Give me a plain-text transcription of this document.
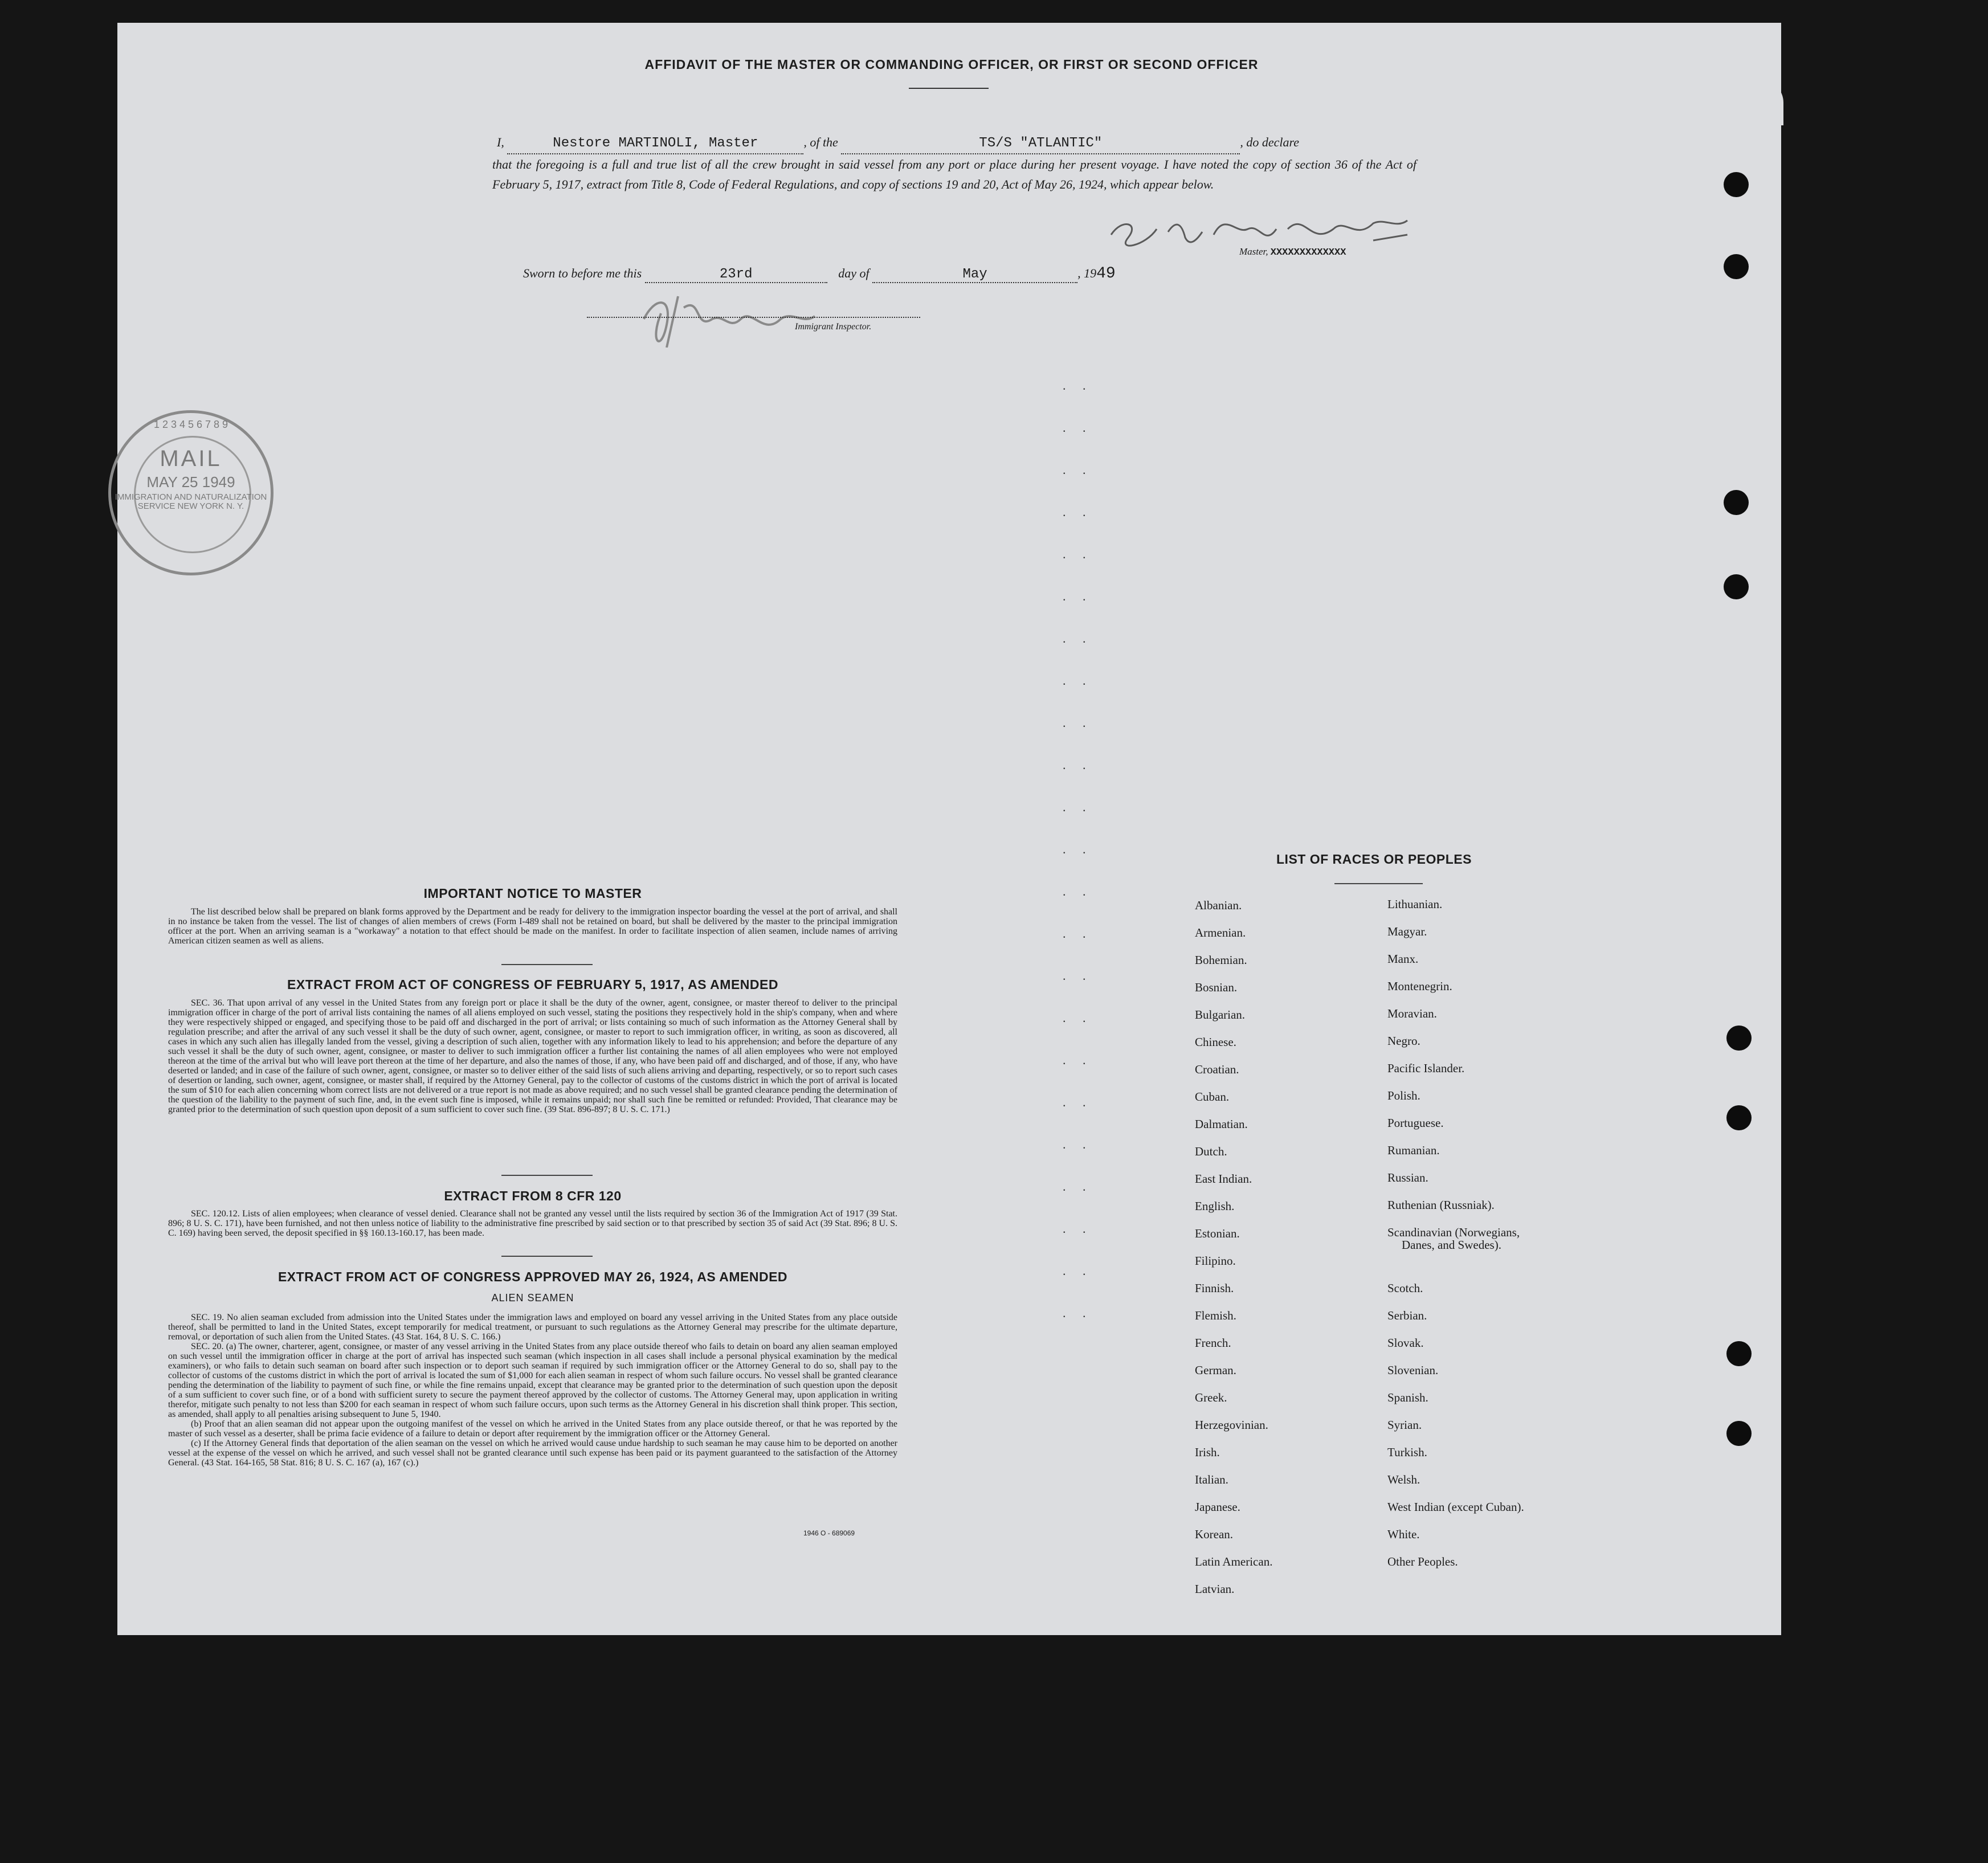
AFFIDAVIT OF THE MASTER OR COMMANDING OFFICER, OR FIRST OR SECOND OFFICER
I,	Nestore MARTINOLI, Master	, of the	TS/S "ATLANTIC"	, do declare
that the foregoing is a full and true list of all the crew brought in said vessel from any port or place during her present voyage. I have noted the copy of section 36 of the Act of February 5, 1917, extract from Title 8, Code of Federal Regulations, and copy of sections 19 and 20, Act of May 26, 1924, which appear below.
Master, XXXXXXXXXXXXX
Sworn to before me this	23rd	day of	May	, 1949
Immigrant Inspector.
MAIL
MAY 25 1949
IMMIGRATION AND NATURALIZATION SERVICE NEW YORK N. Y.
1 2 3 4 5 6 7 8 9
IMPORTANT NOTICE TO MASTER
The list described below shall be prepared on blank forms approved by the Department and be ready for delivery to the immigration inspector boarding the vessel at the port of arrival, and shall in no instance be taken from the vessel. The list of changes of alien members of crews (Form I-489 shall not be retained on board, but shall be delivered by the master to the principal immigration officer at the port. When an arriving seaman is a "workaway" a notation to that effect should be made on the manifest. In order to facilitate inspection of alien seamen, include names of arriving American citizen seamen as well as aliens.
EXTRACT FROM ACT OF CONGRESS OF FEBRUARY 5, 1917, AS AMENDED
SEC. 36. That upon arrival of any vessel in the United States from any foreign port or place it shall be the duty of the owner, agent, consignee, or master thereof to deliver to the principal immigration officer in charge of the port of arrival lists containing the names of all aliens employed on such vessel, stating the positions they respectively hold in the ship's company, when and where they were respectively shipped or engaged, and specifying those to be paid off and discharged in the port of arrival; or lists containing so much of such information as the Attorney General shall by regulation prescribe; and after the arrival of any such vessel it shall be the duty of such owner, agent, consignee, or master to report to such immigration officer, in writing, as soon as discovered, all cases in which any such alien has illegally landed from the vessel, giving a description of such alien, together with any information likely to lead to his apprehension; and before the departure of any such vessel it shall be the duty of such owner, agent, consignee, or master to deliver to such immigration officer a further list containing the names of all alien employees who were not employed thereon at the time of the arrival but who will leave port thereon at the time of her departure, and also the names of those, if any, who have been paid off and discharged, and of those, if any, who have deserted or landed; and in case of the failure of such owner, agent, consignee, or master so to deliver either of the said lists of such aliens arriving and departing, respectively, or so to report such cases of desertion or landing, such owner, agent, consignee, or master shall, if required by the Attorney General, pay to the collector of customs of the customs district in which the port of arrival is located the sum of $10 for each alien concerning whom correct lists are not delivered or a true report is not made as above required; and no such vessel shall be granted clearance pending the determination of the question of the liability to the payment of such fine, and, in the event such fine is imposed, while it remains unpaid; nor shall such fine be remitted or refunded: Provided, That clearance may be granted prior to the determination of such question upon deposit of a sum sufficient to cover such fine. (39 Stat. 896-897; 8 U. S. C. 171.)
EXTRACT FROM 8 CFR 120
SEC. 120.12. Lists of alien employees; when clearance of vessel denied. Clearance shall not be granted any vessel until the lists required by section 36 of the Immigration Act of 1917 (39 Stat. 896; 8 U. S. C. 171), have been furnished, and not then unless notice of liability to the administrative fine prescribed by said section or to that prescribed by section 35 of said Act (39 Stat. 896; 8 U. S. C. 169) having been served, the deposit specified in §§ 160.13-160.17, has been made.
EXTRACT FROM ACT OF CONGRESS APPROVED MAY 26, 1924, AS AMENDED
ALIEN SEAMEN
SEC. 19. No alien seaman excluded from admission into the United States under the immigration laws and employed on board any vessel arriving in the United States from any place outside thereof, shall be permitted to land in the United States, except temporarily for medical treatment, or pursuant to such regulations as the Attorney General may prescribe for the ultimate departure, removal, or deportation of such alien from the United States. (43 Stat. 164, 8 U. S. C. 166.)
SEC. 20. (a) The owner, charterer, agent, consignee, or master of any vessel arriving in the United States from any place outside thereof who fails to detain on board any alien seaman employed on such vessel until the immigration officer in charge at the port of arrival has inspected such seaman (which inspection in all cases shall include a personal physical examination by the medical examiners), or who fails to detain such seaman on board after such inspection or to deport such seaman if required by such immigration officer or the Attorney General to do so, shall pay to the collector of customs of the customs district in which the port of arrival is located the sum of $1,000 for each alien seaman in respect of whom such failure occurs. No vessel shall be granted clearance pending the determination of the liability to payment of such fine, or while the fine remains unpaid, except that clearance may be granted prior to the determination of such question upon the deposit of a sum sufficient to cover such fine, or of a bond with sufficient surety to secure the payment thereof approved by the collector of customs. The Attorney General may, upon application in writing therefor, mitigate such penalty to not less than $200 for each seaman in respect of whom such failure occurs, upon such terms as the Attorney General in his discretion shall think proper. This section, as amended, shall apply to all penalties arising subsequent to June 5, 1940.
(b) Proof that an alien seaman did not appear upon the outgoing manifest of the vessel on which he arrived in the United States from any place outside thereof, or that he was reported by the master of such vessel as a deserter, shall be prima facie evidence of a failure to detain or deport after requirement by the immigration officer or the Attorney General.
(c) If the Attorney General finds that deportation of the alien seaman on the vessel on which he arrived would cause undue hardship to such seaman he may cause him to be deported on another vessel at the expense of the vessel on which he arrived, and such vessel shall not be granted clearance until such expense has been paid or its payment guaranteed to the satisfaction of the Attorney General. (43 Stat. 164-165, 58 Stat. 816; 8 U. S. C. 167 (a), 167 (c).)
1946 O - 689069
. .
. .
. .
. .
. .
. .
. .
. .
. .
. .
. .
. .
. .
. .
. .
. .
. .
. .
. .
. .
. .
. .
. .
LIST OF RACES OR PEOPLES
Albanian.
Armenian.
Bohemian.
Bosnian.
Bulgarian.
Chinese.
Croatian.
Cuban.
Dalmatian.
Dutch.
East Indian.
English.
Estonian.
Filipino.
Finnish.
Flemish.
French.
German.
Greek.
Herzegovinian.
Irish.
Italian.
Japanese.
Korean.
Latin American.
Latvian.
Lithuanian.
Magyar.
Manx.
Montenegrin.
Moravian.
Negro.
Pacific Islander.
Polish.
Portuguese.
Rumanian.
Russian.
Ruthenian (Russniak).
Scandinavian (Norwegians,
Danes, and Swedes).
Scotch.
Serbian.
Slovak.
Slovenian.
Spanish.
Syrian.
Turkish.
Welsh.
West Indian (except Cuban).
White.
Other Peoples.
